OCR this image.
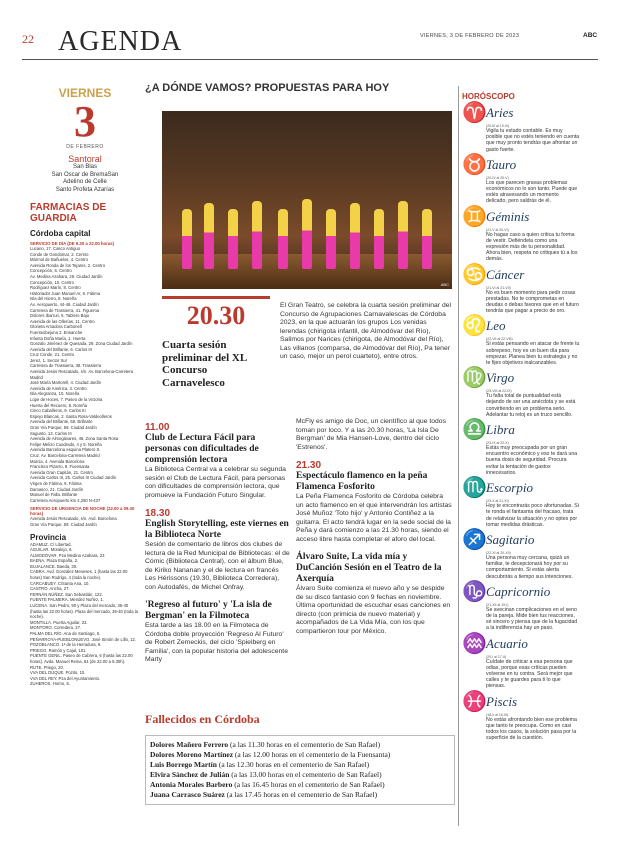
22 AGENDA	VIERNES, 3 DE FEBRERO DE 2023	ABC
VIERNES
3
DE FEBRERO
Santoral
San Blas
San Oscar de BremaSan
Adelino de Celle
Santo Profeta Azarías
FARMACIAS DE GUARDIA
Córdoba capital
SERVICIO DE DÍA (DE 9.30 a 22.00 horas)
Lucano, 17. Casco Antiguo
Conde de Gondomar, 2. Centro
Mármol de Bañuelos, 4. Centro
Avenida Ronda de los Tejares, 2. Centro
Concepción, 6. Centro
Av. Medina Azahara, 29. Ciudad Jardín
Concepción, 10. Centro
Rodríguez Marín, 8. Centro
Historiador Juan Manuel Ar, 6. Fátima
Isla del Hierro, 8. Noreña
Av. Aeropuerto, 44-46. Ciudad Jardín
Carretera de Trassierra, 41. Figueroa
Dolores Ibarruri, 5. Tablero Bajo
Avenida de las Ollerías, 11. Centro
Glorieta Amadora Carbonell
Fuenteobejuna 2. Ensanche
Infanta Doña María, 1. Huerta
Gonzalo Jiménez de Quesada, 29. Zona Ciudad Jardín
Avenida del Brillante, 6. Carlos III
Cruz Conde, 21. Centro
Jerez, 1. Sector Sur
Carretera de Trassierra, 38. Trassierra
Avenida Jesús Rescatado, s/n. Av. Barcelona-Carretera Madrid
José María Martorell, 4. Ciudad Jardín
Avenida de América, 3. Centro
Isla Alegranza, 10. Noreña
Lope de Hoces, 7. Paseo de la Victoria
Huerta del Recuero, 8. Noreña
Cinco Caballeros, 9. Carlos III
Espejo Blancas, 2. Santa Rosa-Valdeolleros
Avenida del Brillante, 58. Brillante
Gran Vía Parque, 59. Ciudad Jardín
Sagunto, 13. Carlos III
Avenida de Almogávares, 46. Zona Santa Rosa
Felipe Melizo Cuadrado, 4 y 5. Noreña
Avenida Barcelona esquina Platero S.
Cruz. Av. Barcelona-Carretera Madrid
Marcia, 4. Avenida Barcelona
Francisco Pizarro, 8. Fuensanta
Avenida Gran Capitán, 21. Centro
Avenida Carlos III, 25. Carlos III Ciudad Jardín
Virgen de Fátima, 9. Fátima
Damasco, 21. Ciudad Jardín
Manuel de Falla. Brillante
Carretera Aeropuerto km 4,250 N-437
SERVICIO DE URGENCIA DE NOCHE (22.00 a 09.30 horas)
Avenida Jesús Rescatado, s/n. Avd. Barcelona
Gran Vía Parque, 59. Ciudad Jardín
Provincia
ADAMUZ. C/ Libertad.
AGUILAR. Moralejo, 6.
ALMODÓVAR. Pza Medina Azahara, 23
BAENA. Plaza España, 2.
BUJALANCE. Baeda, 30.
CABRA. Avd. González Meneses, 1 (hasta las 22.00 horas) San Rodrigo, 4 (toda la noche).
CARCABUEY. C/Santa Ana, 10.
CASTRO. Ancha, 27.
FERNÁN NÚÑEZ. San Sebastián, 122.
FUENTE PALMERA. Mendez Nuñez, 1.
LUCENA. San Pedro, 90 y Plaza del mercado, 36-40 (hasta las 22.00 horas). Plaza del mercado, 36-40 (toda la noche).
MONTILLA. Puerta Aguilar, 33.
MONTORO. Corredera, 27.
PALMA DEL RÍO. Ana de Santiago, 6.
PEÑARROYA-PUEBLONUEVO. José Simón de Lillo, 12.
POZOBLANCO. 1ª de la Herradura, 9.
PRIEGO. Ramón y Cajal, 101.
PUENTE GENIL. Paseo de Cabrera, 6 (hasta las 22.00 horas). Avda. Manuel Reina, 64 (de 22.00 a 9.30h).
RUTE. Priego, 20.
VVA DEL DUQUE. Pozito, 10.
VVA DEL REY. Pza del Ayuntamiento.
ZUHEROS. Horno, 6.
¿A DÓNDE VAMOS? PROPUESTAS PARA HOY
ABC
20.30
Cuarta sesión preliminar del XL Concurso Carnavelesco
El Gran Teatro, se celebra la cuarta sesión preliminar del Concurso de Agrupaciones Carnavalescas de Córdoba 2023, en la que actuarán los grupos Los venidas lerendas (chirigota infantil, de Almodóvar del Río), Salimos por Narices (chirigota, de Almodóvar del Río), Las villanos (comparsa, de Almodóvar del Río), Pa tener un caso, mejor un perol cuarteto), entre otros.
11.00
Club de Lectura Fácil para personas con dificultades de comprensión lectora
La Biblioteca Central va a celebrar su segunda sesión el Club de Lectura Fácil, para personas con dificultades de comprensión lectora, que promueve la Fundación Futuro Singular.
18.30
English Storytelling, este viernes en la Biblioteca Norte
Sesión de comentario de libros dos clubes de lectura de la Red Municipal de Bibliotecas: el de Cómic (Biblioteca Central), con el álbum Blue, de Kiriko Nananan y el de lectura en francés Les Hérissons (19.30, Biblioteca Corredera), con Autodafés, de Michel Onfray.
'Regreso al futuro' y 'La isla de Bergman' en la Filmoteca
Esta tarde a las 18.00 en la Filmoteca de Córdoba doble proyección 'Regreso Al Futuro' de Robert Zemeckis, del ciclo 'Spielberg en Familia', con la popular historia del adolescente Marty
McFly es amigo de Doc, un científico al que todos toman por loco. Y a las 20.30 horas, 'La Isla De Bergman' de Mia Hansen-Love, dentro del ciclo 'Estrenos'.
21.30
Espectáculo flamenco en la peña Flamenca Fosforito
La Peña Flamenca Fosforito de Córdoba celebra un acto flamenco en el que intervendrán los artistas José Muñoz 'Toto hijo' y Antonio Contiñez a la guitarra. El acto tendrá lugar en la sede social de la Peña y dará comienzo a las 21.30 horas, siendo el acceso libre hasta completar el aforo del local.
Álvaro Suite, La vida mía y DuCanción Sesión en el Teatro de la Axerquía
Álvaro Suite comienza el nuevo año y se despide de su disco fantasio con 9 fechas en noviembre. Última oportunidad de escuchar esas canciones en directo (con primicia de nuevo material) y acompañados de La Vida Mía, con los que compartieron tour por México.
Fallecidos en Córdoba
Dolores Mañero Ferrero (a las 11.30 horas en el cementerio de San Rafael)
Dolores Moreno Martínez (a las 12.00 horas en el cementerio de la Fuensanta)
Luis Borrego Martín (a las 12.30 horas en el cementerio de San Rafael)
Elvira Sánchez de Julián (a las 13.00 horas en el cementerio de San Rafael)
Antonia Morales Barbero (a las 16.45 horas en el cementerio de San Rafael)
Juana Carrasco Suárez (a las 17.45 horas en el cementerio de San Rafael)
HORÓSCOPO
♈ Aries
(20-III al 19-IV)
Vigila tu estado contable. Es muy posible que no estés teniendo en cuenta que muy pronto tendrás que afrontar un gasto fuerte.
♉ Tauro
(20-IV al 20-V)
Los que parecen gravas problemas económicos no lo son tanto. Puede que estés atravesando un momento delicado, pero saldrás de él.
♊ Géminis
(21-V al 20-VI)
No hagas caso a quien critica tu forma de vestir. Defiéndela como una expresión más de tu personalidad. Ahora bien, respeta no critiques tú a los demás.
♋ Cáncer
(21-VI al 21-VII)
No es buen momento para pedir cosas prestadas. No te comprometas en deudas o debas favores que en el futuro tendrás que pagar a precio de oro.
♌ Leo
(22-VII al 22-VIII)
Si estás pensando en atacar de frente tu sobrepeso, hoy es un buen día para empezar. Planea bien tu estrategia y no te fijes objetivos inalcanzables.
♍ Virgo
(23-VIII al 22-IX)
Tu falta total de puntualidad está dejando de ser una anécdota y se está convirtiendo en un problema serio. Adelantar tu reloj es un truco sencillo.
♎ Libra
(23-IX al 22-X)
Estás muy preocupada por un gran encuentro económico y eso te dará una buena dosis de seguridad. Procura evitar la tentación de gastos innecesarios.
♏ Escorpio
(23-X al 21-XI)
Hoy te encontrarás poco afortunadas. Si te ronda el fantasma del fracaso, trata de relativizar la situación y no optes por tomar medidas drásticas.
♐ Sagitario
(22-XI al 20-XII)
Una persona muy cercana, quizá un familiar, te decepcionará hoy por su comportamiento. Si estás alerta descubrirás a tiempo sus intenciones.
♑ Capricornio
(21-XII al 19-I)
Se avecinan complicaciones en el seno de la pareja. Mide bien tus reacciones, sé sincero y piensa que de la fugacidad a la indiferencia hay un paso.
♒ Acuario
(20-I al 17-II)
Cuídate de criticar a esa persona que odias, porque esas críticas pueden volverse en tu contra. Será mejor que calles y te guardes para ti lo que piensas.
♓ Piscis
(18-II al 19-III)
No estás afrontando bien ese problema que tanto te preocupa. Como en casi todos los casos, la solución pasa por la superficie de la cuestión.
